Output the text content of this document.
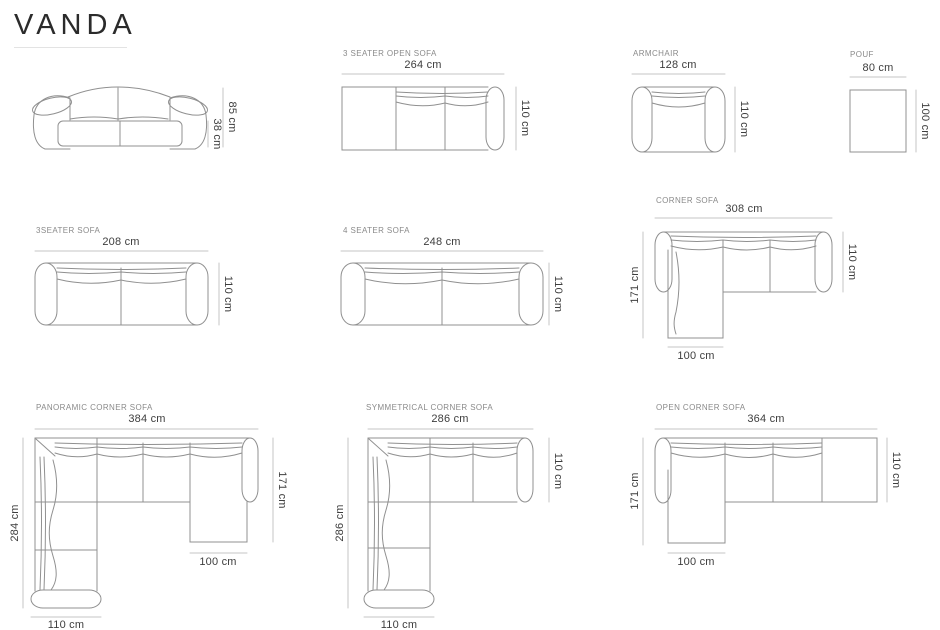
VANDA
3 SEATER OPEN SOFA	ARMCHAIR	POUF
3SEATER SOFA	4 SEATER SOFA
CORNER SOFA
PANORAMIC CORNER SOFA	SYMMETRICAL CORNER SOFA	OPEN CORNER SOFA
264 cm	128 cm	80 cm
208 cm	248 cm
308 cm
100 cm
384 cm
100 cm
110 cm
286 cm
110 cm
364 cm
100 cm
85 cm
38 cm	110 cm	110 cm	100 cm
110 cm	110 cm
110 cm
171 cm
110 cm	110 cm
171 cm
284 cm	286 cm
171 cm
